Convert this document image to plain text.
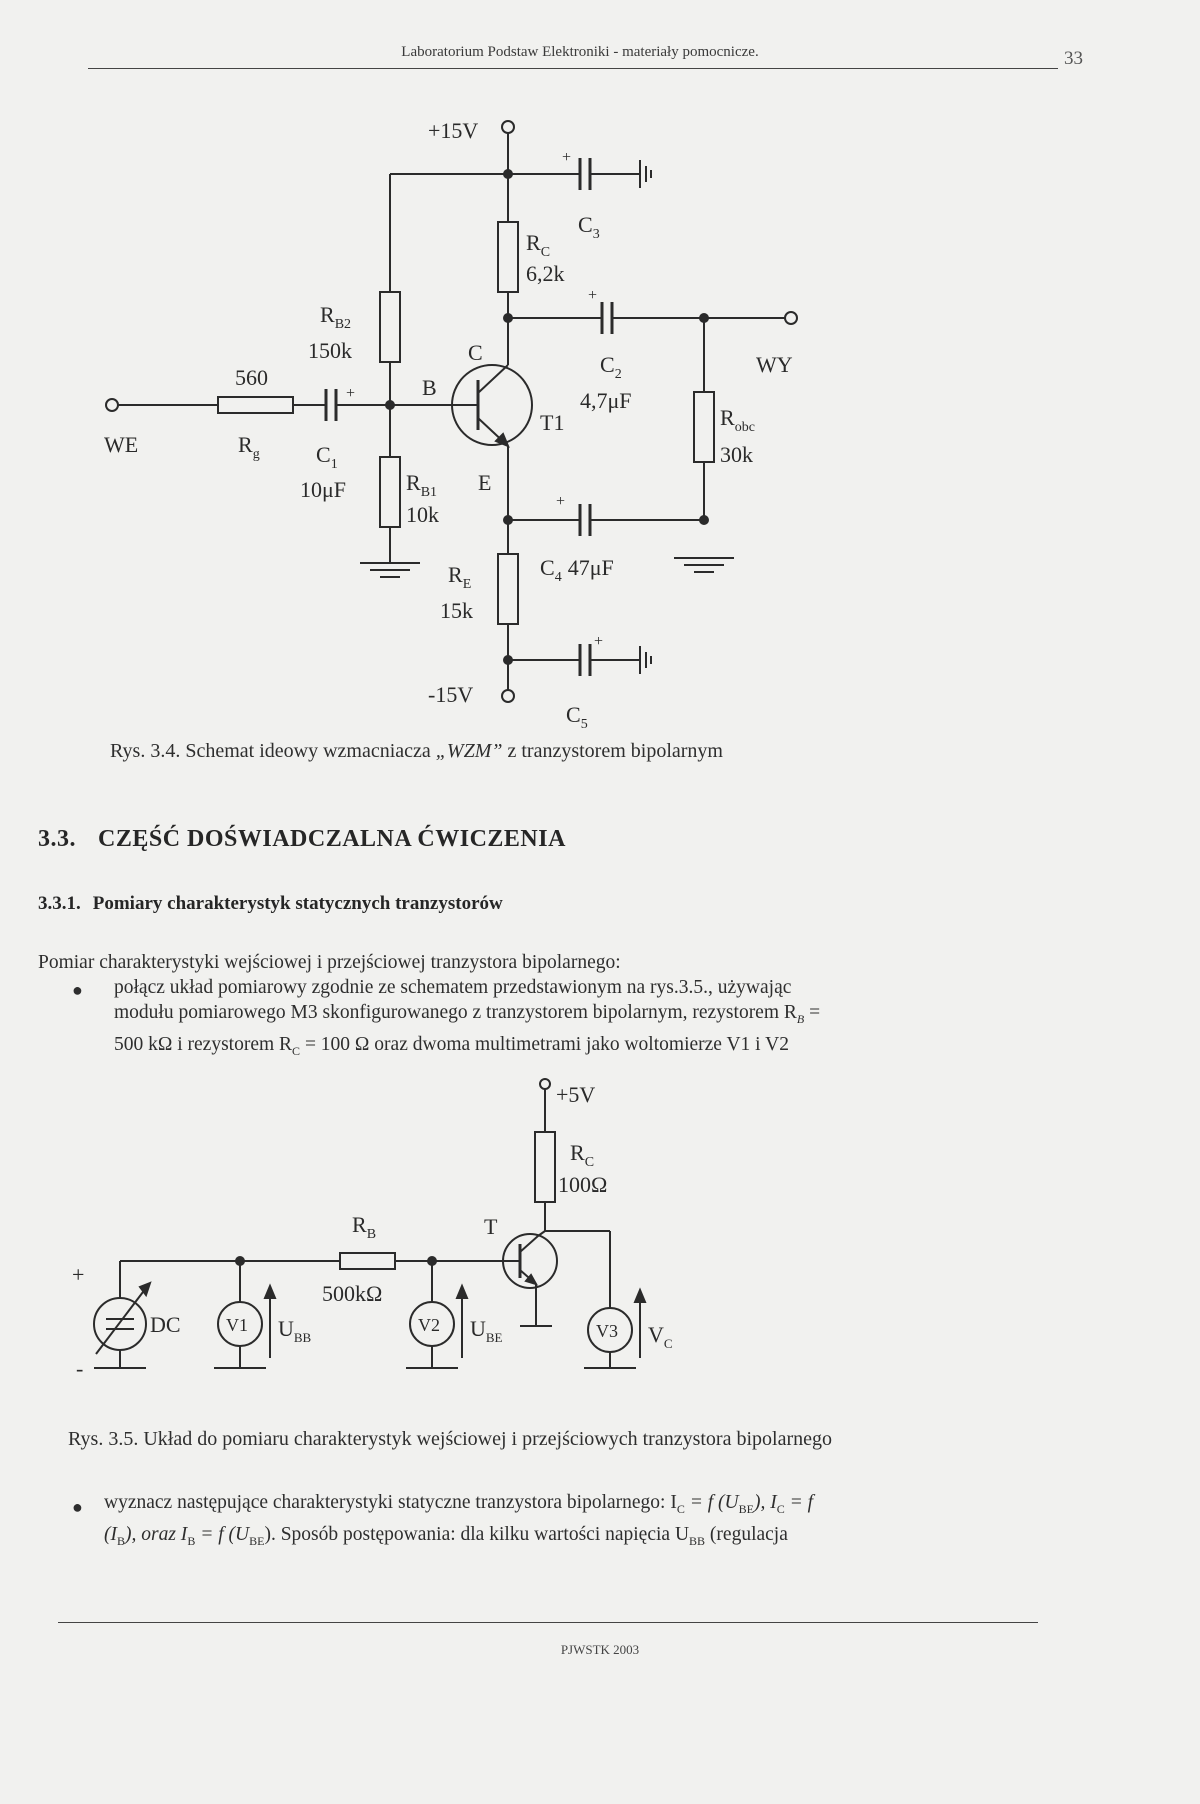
Laboratorium Podstaw Elektroniki - materiały pomocnicze.	33
+15V
+
$R_C$
6,2k
$C_3$
$R_{B2}$
150k	C
560	B
+
$C_2$
4,7μF
+
WY
T1	$R_{obc}$
30k
WE	$R_g$	$C_1$
10μF	$R_{B1}$
10k
E
+
$C_4$ 47μF
$R_E$
15k
+
-15V
$C_5$
Rys. 3.4. Schemat ideowy wzmacniacza „WZM” z tranzystorem bipolarnym
3.3. CZĘŚĆ DOŚWIADCZALNA ĆWICZENIA
3.3.1. Pomiary charakterystyk statycznych tranzystorów
Pomiar charakterystyki wejściowej i przejściowej tranzystora bipolarnego:
● połącz układ pomiarowy zgodnie ze schematem przedstawionym na rys.3.5., używając
modułu pomiarowego M3 skonfigurowanego z tranzystorem bipolarnym, rezystorem $R_B$ =
500 kΩ i rezystorem $R_C = 100$ Ω oraz dwoma multimetrami jako woltomierze V1 i V2
+5V
$R_C$
100Ω
$R_B$	T
500kΩ
+
-
DC	V1	V2	V3
$U_{BB}$	$U_{BE}$	$V_C$
Rys. 3.5. Układ do pomiaru charakterystyk wejściowej i przejściowych tranzystora bipolarnego
● wyznacz następujące charakterystyki statyczne tranzystora bipolarnego: $I_C = f$ $(U_{BE})$, $I_C = f$
$(I_B)$, oraz $I_B = f$ $(U_{BE})$. Sposób postępowania: dla kilku wartości napięcia $U_{BB}$ (regulacja
PJWSTK 2003
